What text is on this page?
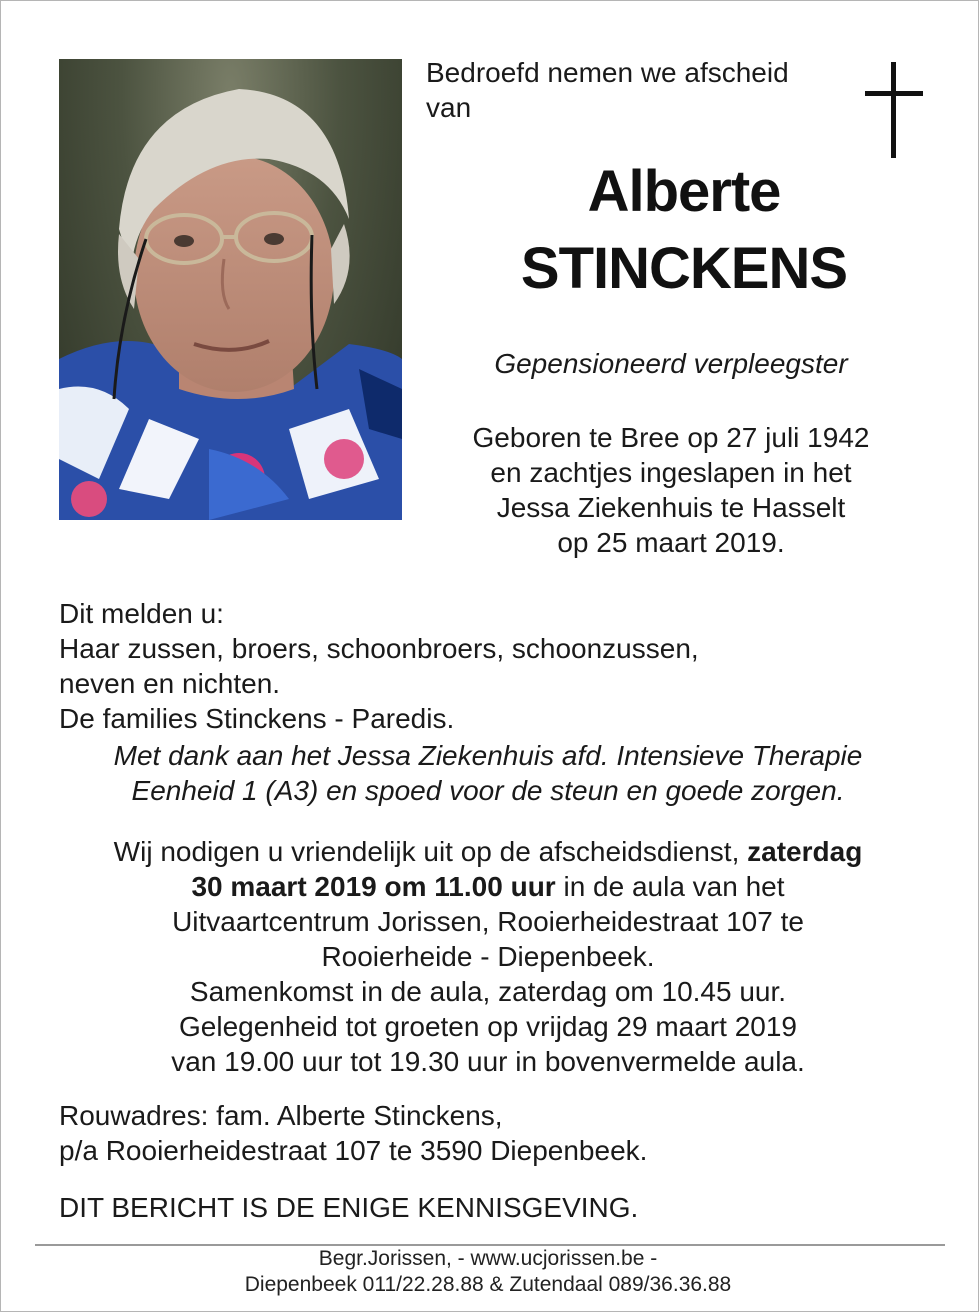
Bedroefd nemen we afscheid
van
Alberte
STINCKENS
Gepensioneerd verpleegster
Geboren te Bree op 27 juli 1942
en zachtjes ingeslapen in het
Jessa Ziekenhuis te Hasselt
op 25 maart 2019.
Dit melden u:
Haar zussen, broers, schoonbroers, schoonzussen,
neven en nichten.
De families Stinckens - Paredis.
Met dank aan het Jessa Ziekenhuis afd. Intensieve Therapie
Eenheid 1 (A3) en spoed voor de steun en goede zorgen.
Wij nodigen u vriendelijk uit op de afscheidsdienst, zaterdag
30 maart 2019 om 11.00 uur in de aula van het
Uitvaartcentrum Jorissen, Rooierheidestraat 107 te
Rooierheide - Diepenbeek.
Samenkomst in de aula, zaterdag om 10.45 uur.
Gelegenheid tot groeten op vrijdag 29 maart 2019
van 19.00 uur tot 19.30 uur in bovenvermelde aula.
Rouwadres: fam. Alberte Stinckens,
p/a Rooierheidestraat 107 te 3590 Diepenbeek.
DIT BERICHT IS DE ENIGE KENNISGEVING.
Begr.Jorissen, - www.ucjorissen.be -
Diepenbeek 011/22.28.88 & Zutendaal 089/36.36.88
